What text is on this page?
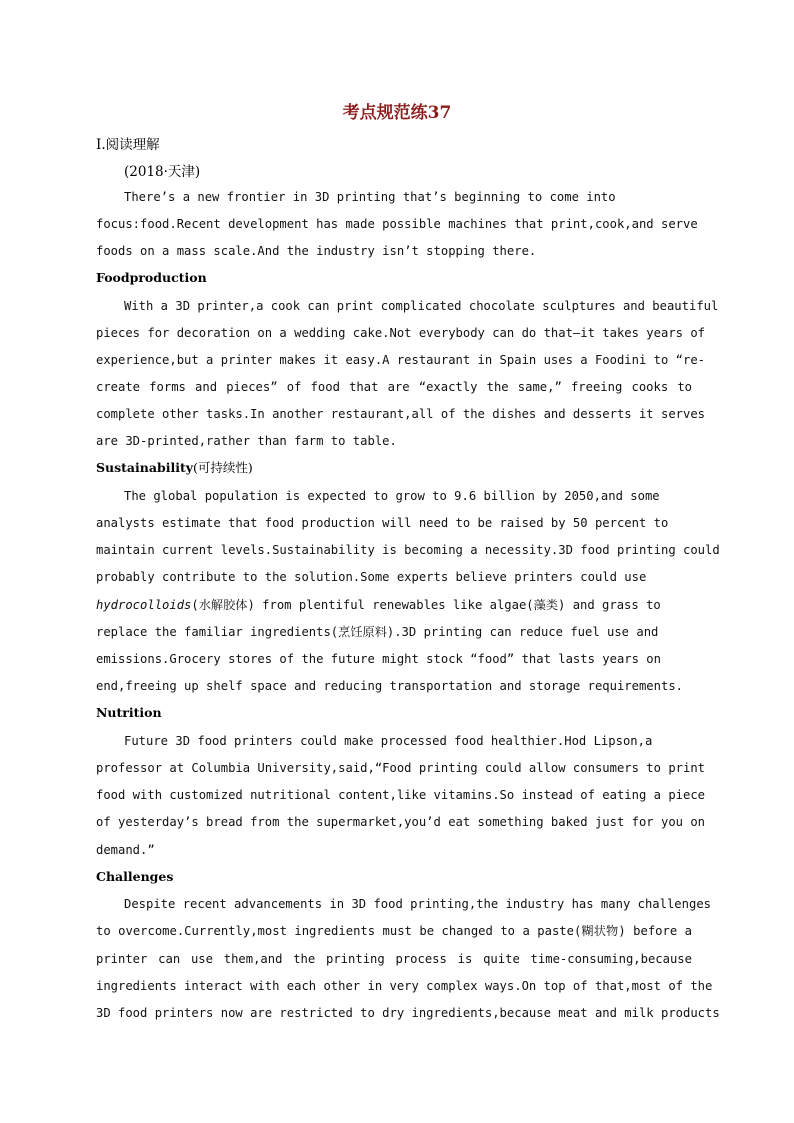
考点规范练37
Ⅰ.阅读理解
(2018·天津)
There’s a new frontier in 3D printing that’s beginning to come into
focus:food.Recent development has made possible machines that print,cook,and serve
foods on a mass scale.And the industry isn’t stopping there.
Foodproduction
With a 3D printer,a cook can print complicated chocolate sculptures and beautiful
pieces for decoration on a wedding cake.Not everybody can do that—it takes years of
experience,but a printer makes it easy.A restaurant in Spain uses a Foodini to “re-
create forms and pieces” of food that are “exactly the same,” freeing cooks to
complete other tasks.In another restaurant,all of the dishes and desserts it serves
are 3D-printed,rather than farm to table.
Sustainability(可持续性)
The global population is expected to grow to 9.6 billion by 2050,and some
analysts estimate that food production will need to be raised by 50 percent to
maintain current levels.Sustainability is becoming a necessity.3D food printing could
probably contribute to the solution.Some experts believe printers could use
hydrocolloids(水解胶体) from plentiful renewables like algae(藻类) and grass to
replace the familiar ingredients(烹饪原料).3D printing can reduce fuel use and
emissions.Grocery stores of the future might stock “food” that lasts years on
end,freeing up shelf space and reducing transportation and storage requirements.
Nutrition
Future 3D food printers could make processed food healthier.Hod Lipson,a
professor at Columbia University,said,“Food printing could allow consumers to print
food with customized nutritional content,like vitamins.So instead of eating a piece
of yesterday’s bread from the supermarket,you’d eat something baked just for you on
demand.”
Challenges
Despite recent advancements in 3D food printing,the industry has many challenges
to overcome.Currently,most ingredients must be changed to a paste(糊状物) before a
printer can use them,and the printing process is quite time-consuming,because
ingredients interact with each other in very complex ways.On top of that,most of the
3D food printers now are restricted to dry ingredients,because meat and milk products
